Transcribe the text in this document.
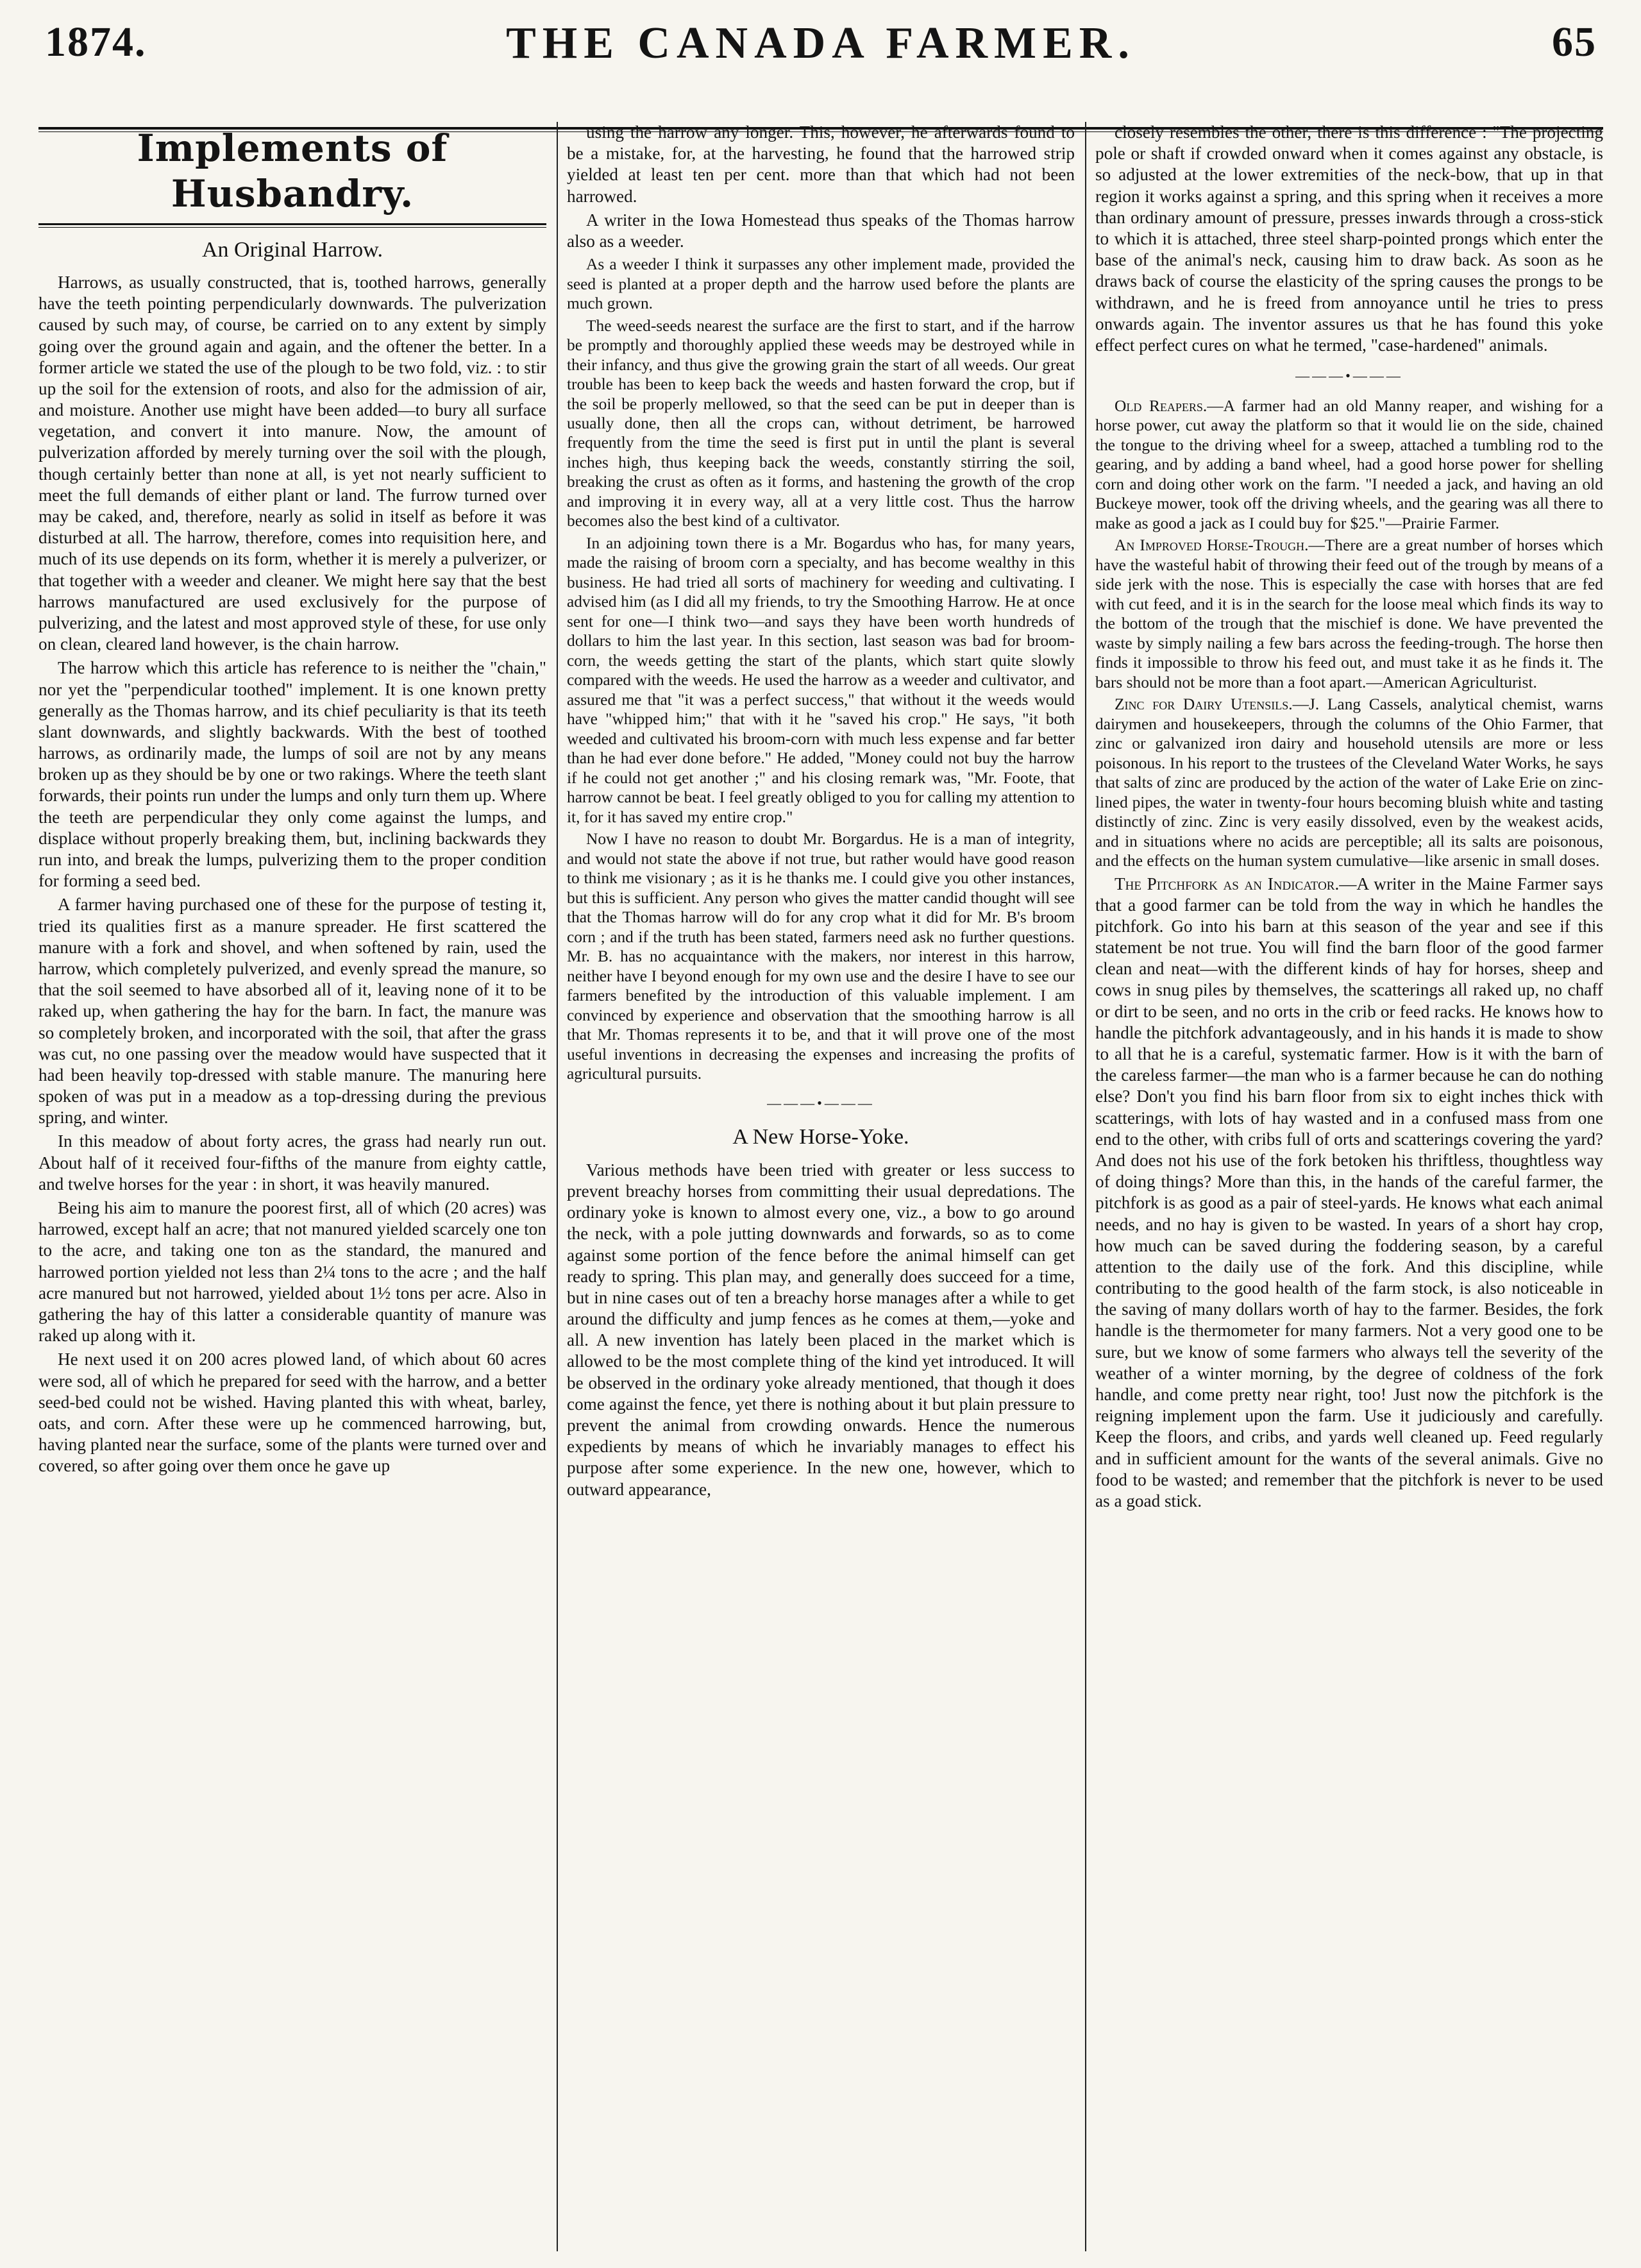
1874.	THE CANADA FARMER.	65
Implements of Husbandry.
An Original Harrow.

Harrows, as usually constructed, that is, toothed harrows, generally have the teeth pointing perpendicularly downwards. The pulverization caused by such may, of course, be carried on to any extent by simply going over the ground again and again, and the oftener the better. In a former article we stated the use of the plough to be two fold, viz. : to stir up the soil for the extension of roots, and also for the admission of air, and moisture. Another use might have been added—to bury all surface vegetation, and convert it into manure. Now, the amount of pulverization afforded by merely turning over the soil with the plough, though certainly better than none at all, is yet not nearly sufficient to meet the full demands of either plant or land. The furrow turned over may be caked, and, therefore, nearly as solid in itself as before it was disturbed at all. The harrow, therefore, comes into requisition here, and much of its use depends on its form, whether it is merely a pulverizer, or that together with a weeder and cleaner. We might here say that the best harrows manufactured are used exclusively for the purpose of pulverizing, and the latest and most approved style of these, for use only on clean, cleared land however, is the chain harrow.

The harrow which this article has reference to is neither the "chain," nor yet the "perpendicular toothed" implement. It is one known pretty generally as the Thomas harrow, and its chief peculiarity is that its teeth slant downwards, and slightly backwards. With the best of toothed harrows, as ordinarily made, the lumps of soil are not by any means broken up as they should be by one or two rakings. Where the teeth slant forwards, their points run under the lumps and only turn them up. Where the teeth are perpendicular they only come against the lumps, and displace without properly breaking them, but, inclining backwards they run into, and break the lumps, pulverizing them to the proper condition for forming a seed bed.

A farmer having purchased one of these for the purpose of testing it, tried its qualities first as a manure spreader. He first scattered the manure with a fork and shovel, and when softened by rain, used the harrow, which completely pulverized, and evenly spread the manure, so that the soil seemed to have absorbed all of it, leaving none of it to be raked up, when gathering the hay for the barn. In fact, the manure was so completely broken, and incorporated with the soil, that after the grass was cut, no one passing over the meadow would have suspected that it had been heavily top-dressed with stable manure. The manuring here spoken of was put in a meadow as a top-dressing during the previous spring, and winter.

In this meadow of about forty acres, the grass had nearly run out. About half of it received four-fifths of the manure from eighty cattle, and twelve horses for the year : in short, it was heavily manured.

Being his aim to manure the poorest first, all of which (20 acres) was harrowed, except half an acre; that not manured yielded scarcely one ton to the acre, and taking one ton as the standard, the manured and harrowed portion yielded not less than 2¼ tons to the acre ; and the half acre manured but not harrowed, yielded about 1½ tons per acre. Also in gathering the hay of this latter a considerable quantity of manure was raked up along with it.

He next used it on 200 acres plowed land, of which about 60 acres were sod, all of which he prepared for seed with the harrow, and a better seed-bed could not be wished. Having planted this with wheat, barley, oats, and corn. After these were up he commenced harrowing, but, having planted near the surface, some of the plants were turned over and covered, so after going over them once he gave up

using the harrow any longer. This, however, he afterwards found to be a mistake, for, at the harvesting, he found that the harrowed strip yielded at least ten per cent. more than that which had not been harrowed.

A writer in the Iowa Homestead thus speaks of the Thomas harrow also as a weeder.

As a weeder I think it surpasses any other implement made, provided the seed is planted at a proper depth and the harrow used before the plants are much grown.

The weed-seeds nearest the surface are the first to start, and if the harrow be promptly and thoroughly applied these weeds may be destroyed while in their infancy, and thus give the growing grain the start of all weeds. Our great trouble has been to keep back the weeds and hasten forward the crop, but if the soil be properly mellowed, so that the seed can be put in deeper than is usually done, then all the crops can, without detriment, be harrowed frequently from the time the seed is first put in until the plant is several inches high, thus keeping back the weeds, constantly stirring the soil, breaking the crust as often as it forms, and hastening the growth of the crop and improving it in every way, all at a very little cost. Thus the harrow becomes also the best kind of a cultivator.

In an adjoining town there is a Mr. Bogardus who has, for many years, made the raising of broom corn a specialty, and has become wealthy in this business. He had tried all sorts of machinery for weeding and cultivating. I advised him (as I did all my friends, to try the Smoothing Harrow. He at once sent for one—I think two—and says they have been worth hundreds of dollars to him the last year. In this section, last season was bad for broom-corn, the weeds getting the start of the plants, which start quite slowly compared with the weeds. He used the harrow as a weeder and cultivator, and assured me that "it was a perfect success," that without it the weeds would have "whipped him;" that with it he "saved his crop." He says, "it both weeded and cultivated his broom-corn with much less expense and far better than he had ever done before." He added, "Money could not buy the harrow if he could not get another ;" and his closing remark was, "Mr. Foote, that harrow cannot be beat. I feel greatly obliged to you for calling my attention to it, for it has saved my entire crop."

Now I have no reason to doubt Mr. Borgardus. He is a man of integrity, and would not state the above if not true, but rather would have good reason to think me visionary ; as it is he thanks me. I could give you other instances, but this is sufficient. Any person who gives the matter candid thought will see that the Thomas harrow will do for any crop what it did for Mr. B's broom corn ; and if the truth has been stated, farmers need ask no further questions. Mr. B. has no acquaintance with the makers, nor interest in this harrow, neither have I beyond enough for my own use and the desire I have to see our farmers benefited by the introduction of this valuable implement. I am convinced by experience and observation that the smoothing harrow is all that Mr. Thomas represents it to be, and that it will prove one of the most useful inventions in decreasing the expenses and increasing the profits of agricultural pursuits.

———•———
A New Horse-Yoke.

Various methods have been tried with greater or less success to prevent breachy horses from committing their usual depredations. The ordinary yoke is known to almost every one, viz., a bow to go around the neck, with a pole jutting downwards and forwards, so as to come against some portion of the fence before the animal himself can get ready to spring. This plan may, and generally does succeed for a time, but in nine cases out of ten a breachy horse manages after a while to get around the difficulty and jump fences as he comes at them,—yoke and all. A new invention has lately been placed in the market which is allowed to be the most complete thing of the kind yet introduced. It will be observed in the ordinary yoke already mentioned, that though it does come against the fence, yet there is nothing about it but plain pressure to prevent the animal from crowding onwards. Hence the numerous expedients by means of which he invariably manages to effect his purpose after some experience. In the new one, however, which to outward appearance,

closely resembles the other, there is this difference : "The projecting pole or shaft if crowded onward when it comes against any obstacle, is so adjusted at the lower extremities of the neck-bow, that up in that region it works against a spring, and this spring when it receives a more than ordinary amount of pressure, presses inwards through a cross-stick to which it is attached, three steel sharp-pointed prongs which enter the base of the animal's neck, causing him to draw back. As soon as he draws back of course the elasticity of the spring causes the prongs to be withdrawn, and he is freed from annoyance until he tries to press onwards again. The inventor assures us that he has found this yoke effect perfect cures on what he termed, "case-hardened" animals.

———•———

Old Reapers.—A farmer had an old Manny reaper, and wishing for a horse power, cut away the platform so that it would lie on the side, chained the tongue to the driving wheel for a sweep, attached a tumbling rod to the gearing, and by adding a band wheel, had a good horse power for shelling corn and doing other work on the farm. "I needed a jack, and having an old Buckeye mower, took off the driving wheels, and the gearing was all there to make as good a jack as I could buy for $25."—Prairie Farmer.

An Improved Horse-Trough.—There are a great number of horses which have the wasteful habit of throwing their feed out of the trough by means of a side jerk with the nose. This is especially the case with horses that are fed with cut feed, and it is in the search for the loose meal which finds its way to the bottom of the trough that the mischief is done. We have prevented the waste by simply nailing a few bars across the feeding-trough. The horse then finds it impossible to throw his feed out, and must take it as he finds it. The bars should not be more than a foot apart.—American Agriculturist.

Zinc for Dairy Utensils.—J. Lang Cassels, analytical chemist, warns dairymen and housekeepers, through the columns of the Ohio Farmer, that zinc or galvanized iron dairy and household utensils are more or less poisonous. In his report to the trustees of the Cleveland Water Works, he says that salts of zinc are produced by the action of the water of Lake Erie on zinc-lined pipes, the water in twenty-four hours becoming bluish white and tasting distinctly of zinc. Zinc is very easily dissolved, even by the weakest acids, and in situations where no acids are perceptible; all its salts are poisonous, and the effects on the human system cumulative—like arsenic in small doses.

The Pitchfork as an Indicator.—A writer in the Maine Farmer says that a good farmer can be told from the way in which he handles the pitchfork. Go into his barn at this season of the year and see if this statement be not true. You will find the barn floor of the good farmer clean and neat—with the different kinds of hay for horses, sheep and cows in snug piles by themselves, the scatterings all raked up, no chaff or dirt to be seen, and no orts in the crib or feed racks. He knows how to handle the pitchfork advantageously, and in his hands it is made to show to all that he is a careful, systematic farmer. How is it with the barn of the careless farmer—the man who is a farmer because he can do nothing else? Don't you find his barn floor from six to eight inches thick with scatterings, with lots of hay wasted and in a confused mass from one end to the other, with cribs full of orts and scatterings covering the yard? And does not his use of the fork betoken his thriftless, thoughtless way of doing things? More than this, in the hands of the careful farmer, the pitchfork is as good as a pair of steel-yards. He knows what each animal needs, and no hay is given to be wasted. In years of a short hay crop, how much can be saved during the foddering season, by a careful attention to the daily use of the fork. And this discipline, while contributing to the good health of the farm stock, is also noticeable in the saving of many dollars worth of hay to the farmer. Besides, the fork handle is the thermometer for many farmers. Not a very good one to be sure, but we know of some farmers who always tell the severity of the weather of a winter morning, by the degree of coldness of the fork handle, and come pretty near right, too! Just now the pitchfork is the reigning implement upon the farm. Use it judiciously and carefully. Keep the floors, and cribs, and yards well cleaned up. Feed regularly and in sufficient amount for the wants of the several animals. Give no food to be wasted; and remember that the pitchfork is never to be used as a goad stick.
